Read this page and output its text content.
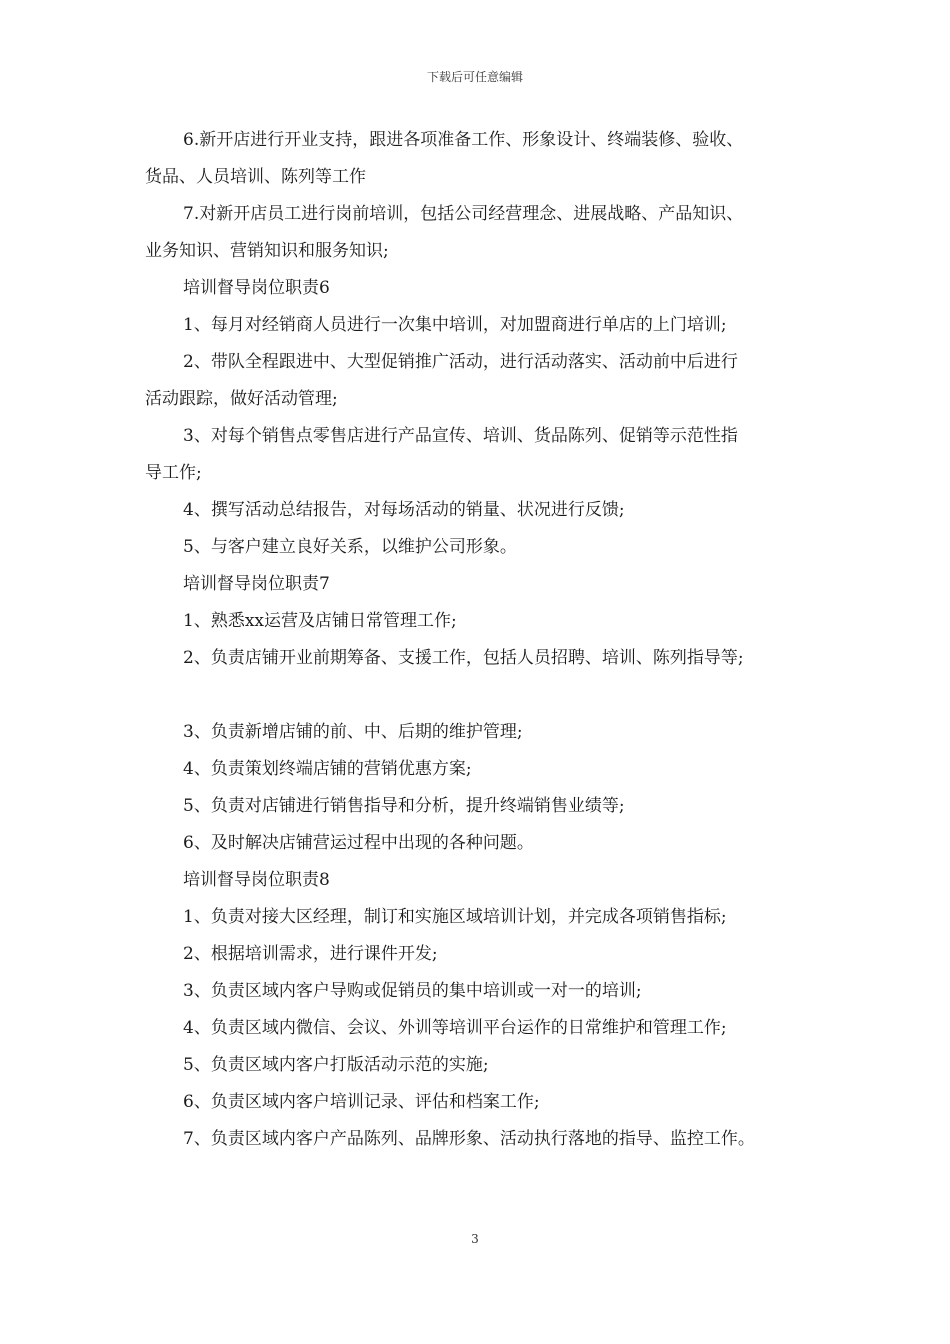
下载后可任意编辑

6.新开店进行开业支持，跟进各项准备工作、形象设计、终端装修、验收、

货品、人员培训、陈列等工作

7.对新开店员工进行岗前培训，包括公司经营理念、进展战略、产品知识、

业务知识、营销知识和服务知识;

培训督导岗位职责6

1、每月对经销商人员进行一次集中培训，对加盟商进行单店的上门培训;

2、带队全程跟进中、大型促销推广活动，进行活动落实、活动前中后进行

活动跟踪，做好活动管理;

3、对每个销售点零售店进行产品宣传、培训、货品陈列、促销等示范性指

导工作;

4、撰写活动总结报告，对每场活动的销量、状况进行反馈;

5、与客户建立良好关系，以维护公司形象。

培训督导岗位职责7

1、熟悉xx运营及店铺日常管理工作;

2、负责店铺开业前期筹备、支援工作，包括人员招聘、培训、陈列指导等;

3、负责新增店铺的前、中、后期的维护管理;

4、负责策划终端店铺的营销优惠方案;

5、负责对店铺进行销售指导和分析，提升终端销售业绩等;

6、及时解决店铺营运过程中出现的各种问题。

培训督导岗位职责8

1、负责对接大区经理，制订和实施区域培训计划，并完成各项销售指标;

2、根据培训需求，进行课件开发;

3、负责区域内客户导购或促销员的集中培训或一对一的培训;

4、负责区域内微信、会议、外训等培训平台运作的日常维护和管理工作;

5、负责区域内客户打版活动示范的实施;

6、负责区域内客户培训记录、评估和档案工作;

7、负责区域内客户产品陈列、品牌形象、活动执行落地的指导、监控工作。

3
